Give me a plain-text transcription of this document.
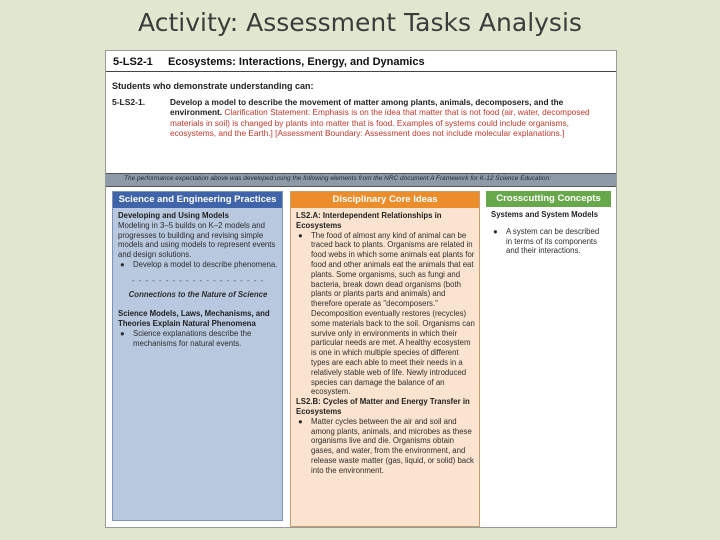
Activity: Assessment Tasks Analysis
5-LS2-1 Ecosystems: Interactions, Energy, and Dynamics
Students who demonstrate understanding can:
5-LS2-1.	Develop a model to describe the movement of matter among plants, animals, decomposers, and the environment. Clarification Statement: Emphasis is on the idea that matter that is not food (air, water, decomposed materials in soil) is changed by plants into matter that is food. Examples of systems could include organisms, ecosystems, and the Earth.] [Assessment Boundary: Assessment does not include molecular explanations.]
The performance expectation above was developed using the following elements from the NRC document A Framework for K-12 Science Education:
Science and Engineering Practices
Developing and Using Models
Modeling in 3–5 builds on K–2 models and progresses to building and revising simple models and using models to represent events and design solutions.
● Develop a model to describe phenomena.
- - - - - - - - - - - - - - - - - - - -
Connections to the Nature of Science
Science Models, Laws, Mechanisms, and Theories Explain Natural Phenomena
● Science explanations describe the mechanisms for natural events.
Disciplinary Core Ideas
LS2.A: Interdependent Relationships in Ecosystems
● The food of almost any kind of animal can be traced back to plants. Organisms are related in food webs in which some animals eat plants for food and other animals eat the animals that eat plants. Some organisms, such as fungi and bacteria, break down dead organisms (both plants or plants parts and animals) and therefore operate as "decomposers." Decomposition eventually restores (recycles) some materials back to the soil. Organisms can survive only in environments in which their particular needs are met. A healthy ecosystem is one in which multiple species of different types are each able to meet their needs in a relatively stable web of life. Newly introduced species can damage the balance of an ecosystem.
LS2.B: Cycles of Matter and Energy Transfer in Ecosystems
● Matter cycles between the air and soil and among plants, animals, and microbes as these organisms live and die. Organisms obtain gases, and water, from the environment, and release waste matter (gas, liquid, or solid) back into the environment.
Crosscutting Concepts
Systems and System Models
● A system can be described in terms of its components and their interactions.
